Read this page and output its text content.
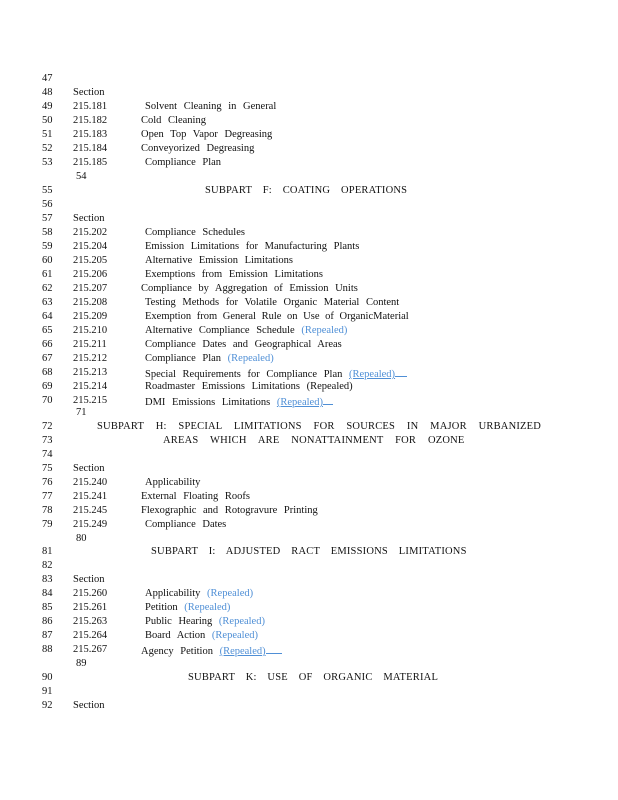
47
48
49
50
51
52
53
54
55
56
57
58
59
60
61
62
63
64
65
66
67
68
69
70
71
72
73
74
75
76
77
78
79
80
81
82
83
84
85
86
87
88
89
90
91
92
Section
215.181	Solvent Cleaning in General
215.182	Cold Cleaning
215.183	Open Top Vapor Degreasing
215.184	Conveyorized Degreasing
215.185	Compliance Plan
SUBPART F: COATING OPERATIONS
Section
215.202	Compliance Schedules
215.204	Emission Limitations for Manufacturing Plants
215.205	Alternative Emission Limitations
215.206	Exemptions from Emission Limitations
215.207	Compliance by Aggregation of Emission Units
215.208	Testing Methods for Volatile Organic Material Content
215.209	Exemption from General Rule on Use of OrganicMaterial
215.210	Alternative Compliance Schedule (Repealed)
215.211	Compliance Dates and Geographical Areas
215.212	Compliance Plan (Repealed)
215.213	Special Requirements for Compliance Plan (Repealed)
215.214	Roadmaster Emissions Limitations (Repealed)
215.215	DMI Emissions Limitations (Repealed)
SUBPART H: SPECIAL LIMITATIONS FOR SOURCES IN MAJOR URBANIZED
AREAS WHICH ARE NONATTAINMENT FOR OZONE
Section
215.240	Applicability
215.241	External Floating Roofs
215.245	Flexographic and Rotogravure Printing
215.249	Compliance Dates
SUBPART I: ADJUSTED RACT EMISSIONS LIMITATIONS
Section
215.260	Applicability (Repealed)
215.261	Petition (Repealed)
215.263	Public Hearing (Repealed)
215.264	Board Action (Repealed)
215.267	Agency Petition (Repealed)
SUBPART K: USE OF ORGANIC MATERIAL
Section
